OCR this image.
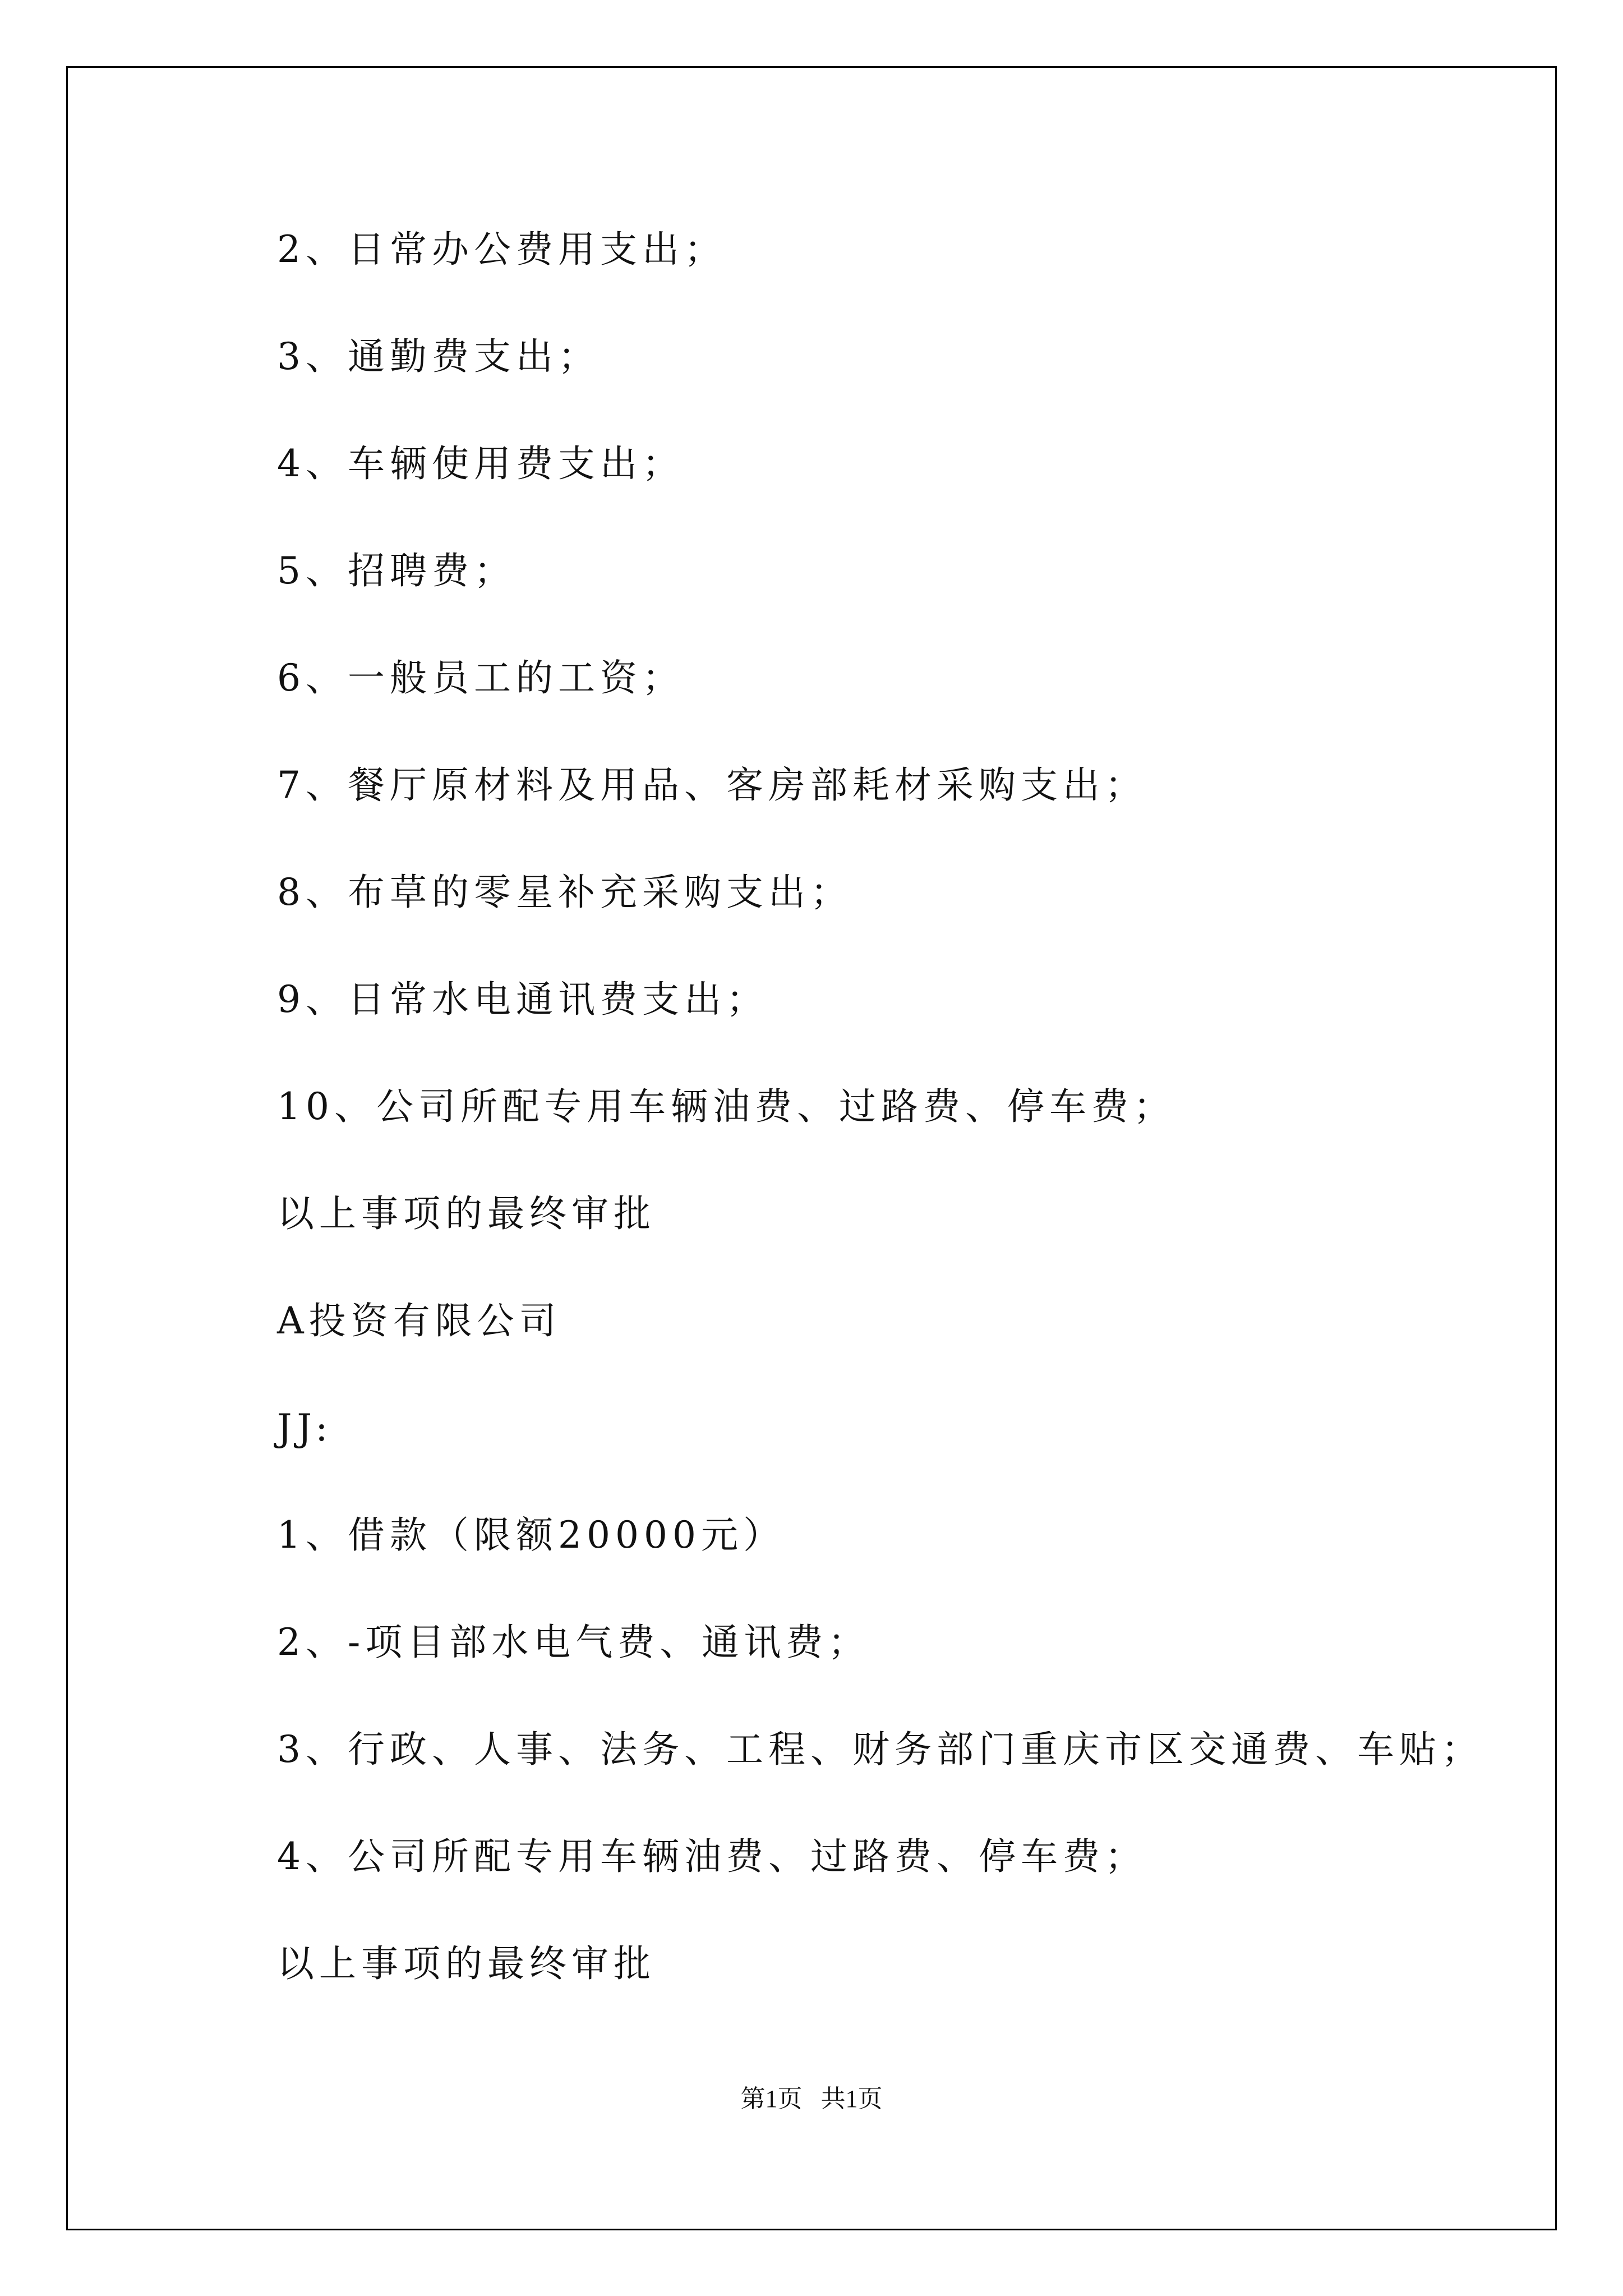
2、日常办公费用支出；
3、通勤费支出；
4、车辆使用费支出；
5、招聘费；
6、一般员工的工资；
7、餐厅原材料及用品、客房部耗材采购支出；
8、布草的零星补充采购支出；
9、日常水电通讯费支出；
10、公司所配专用车辆油费、过路费、停车费；
以上事项的最终审批
A投资有限公司
JJ:
1、借款（限额20000元）
2、-项目部水电气费、通讯费；
3、行政、人事、法务、工程、财务部门重庆市区交通费、车贴；
4、公司所配专用车辆油费、过路费、停车费；
以上事项的最终审批
第1页   共1页
